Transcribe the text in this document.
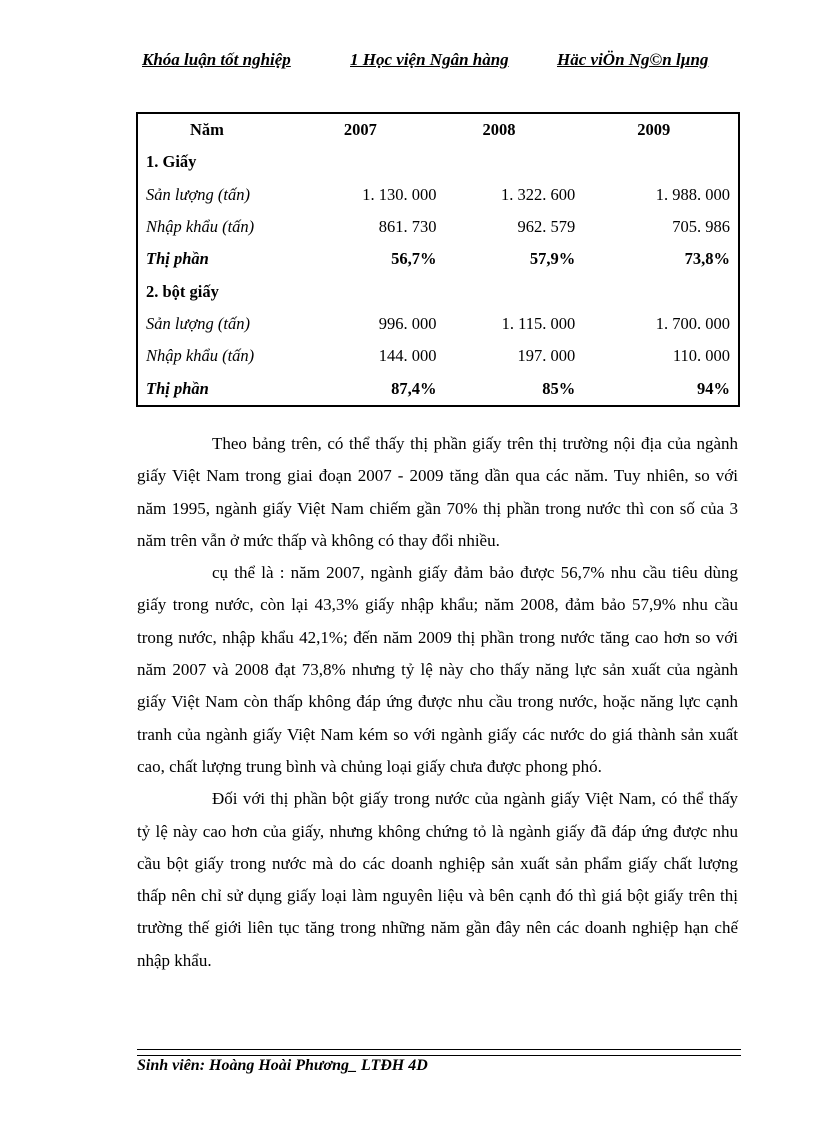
Khóa luận tốt nghiệp	1 Học viện Ngân hàng	Häc viÖn Ng©n lµng
Năm	2007	2008	2009
1. Giấy			
Sản lượng (tấn)	1. 130. 000	1. 322. 600	1. 988. 000
Nhập khẩu (tấn)	861. 730	962. 579	705. 986
Thị phần	56,7%	57,9%	73,8%
2. bột giấy			
Sản lượng (tấn)	996. 000	1. 115. 000	1. 700. 000
Nhập khẩu (tấn)	144. 000	197. 000	110. 000
Thị phần	87,4%	85%	94%

Theo bảng trên, có thể thấy thị phần giấy trên thị trường nội địa của ngành giấy Việt Nam trong giai đoạn 2007 - 2009 tăng dần qua các năm. Tuy nhiên, so với năm 1995, ngành giấy Việt Nam chiếm gần 70% thị phần trong nước thì con số của 3 năm trên vẫn ở mức thấp và không có thay đổi nhiều.

cụ thể là : năm 2007, ngành giấy đảm bảo được 56,7% nhu cầu tiêu dùng giấy trong nước, còn lại 43,3% giấy nhập khẩu; năm 2008, đảm bảo 57,9% nhu cầu trong nước, nhập khẩu 42,1%; đến năm 2009 thị phần trong nước tăng cao hơn so với năm 2007 và 2008 đạt 73,8% nhưng tỷ lệ này cho thấy năng lực sản xuất của ngành giấy Việt Nam còn thấp không đáp ứng được nhu cầu trong nước, hoặc năng lực cạnh tranh của ngành giấy Việt Nam kém so với ngành giấy các nước do giá thành sản xuất cao, chất lượng trung bình và chủng loại giấy chưa được phong phó.

Đối với thị phần bột giấy trong nước của ngành giấy Việt Nam, có thể thấy tỷ lệ này cao hơn của giấy, nhưng không chứng tỏ là ngành giấy đã đáp ứng được nhu cầu bột giấy trong nước mà do các doanh nghiệp sản xuất sản phẩm giấy chất lượng thấp nên chỉ sử dụng giấy loại làm nguyên liệu và bên cạnh đó thì giá bột giấy trên thị trường thế giới liên tục tăng trong những năm gần đây nên các doanh nghiệp hạn chế nhập khẩu.

Sinh viên: Hoàng Hoài Phương_ LTĐH 4D
